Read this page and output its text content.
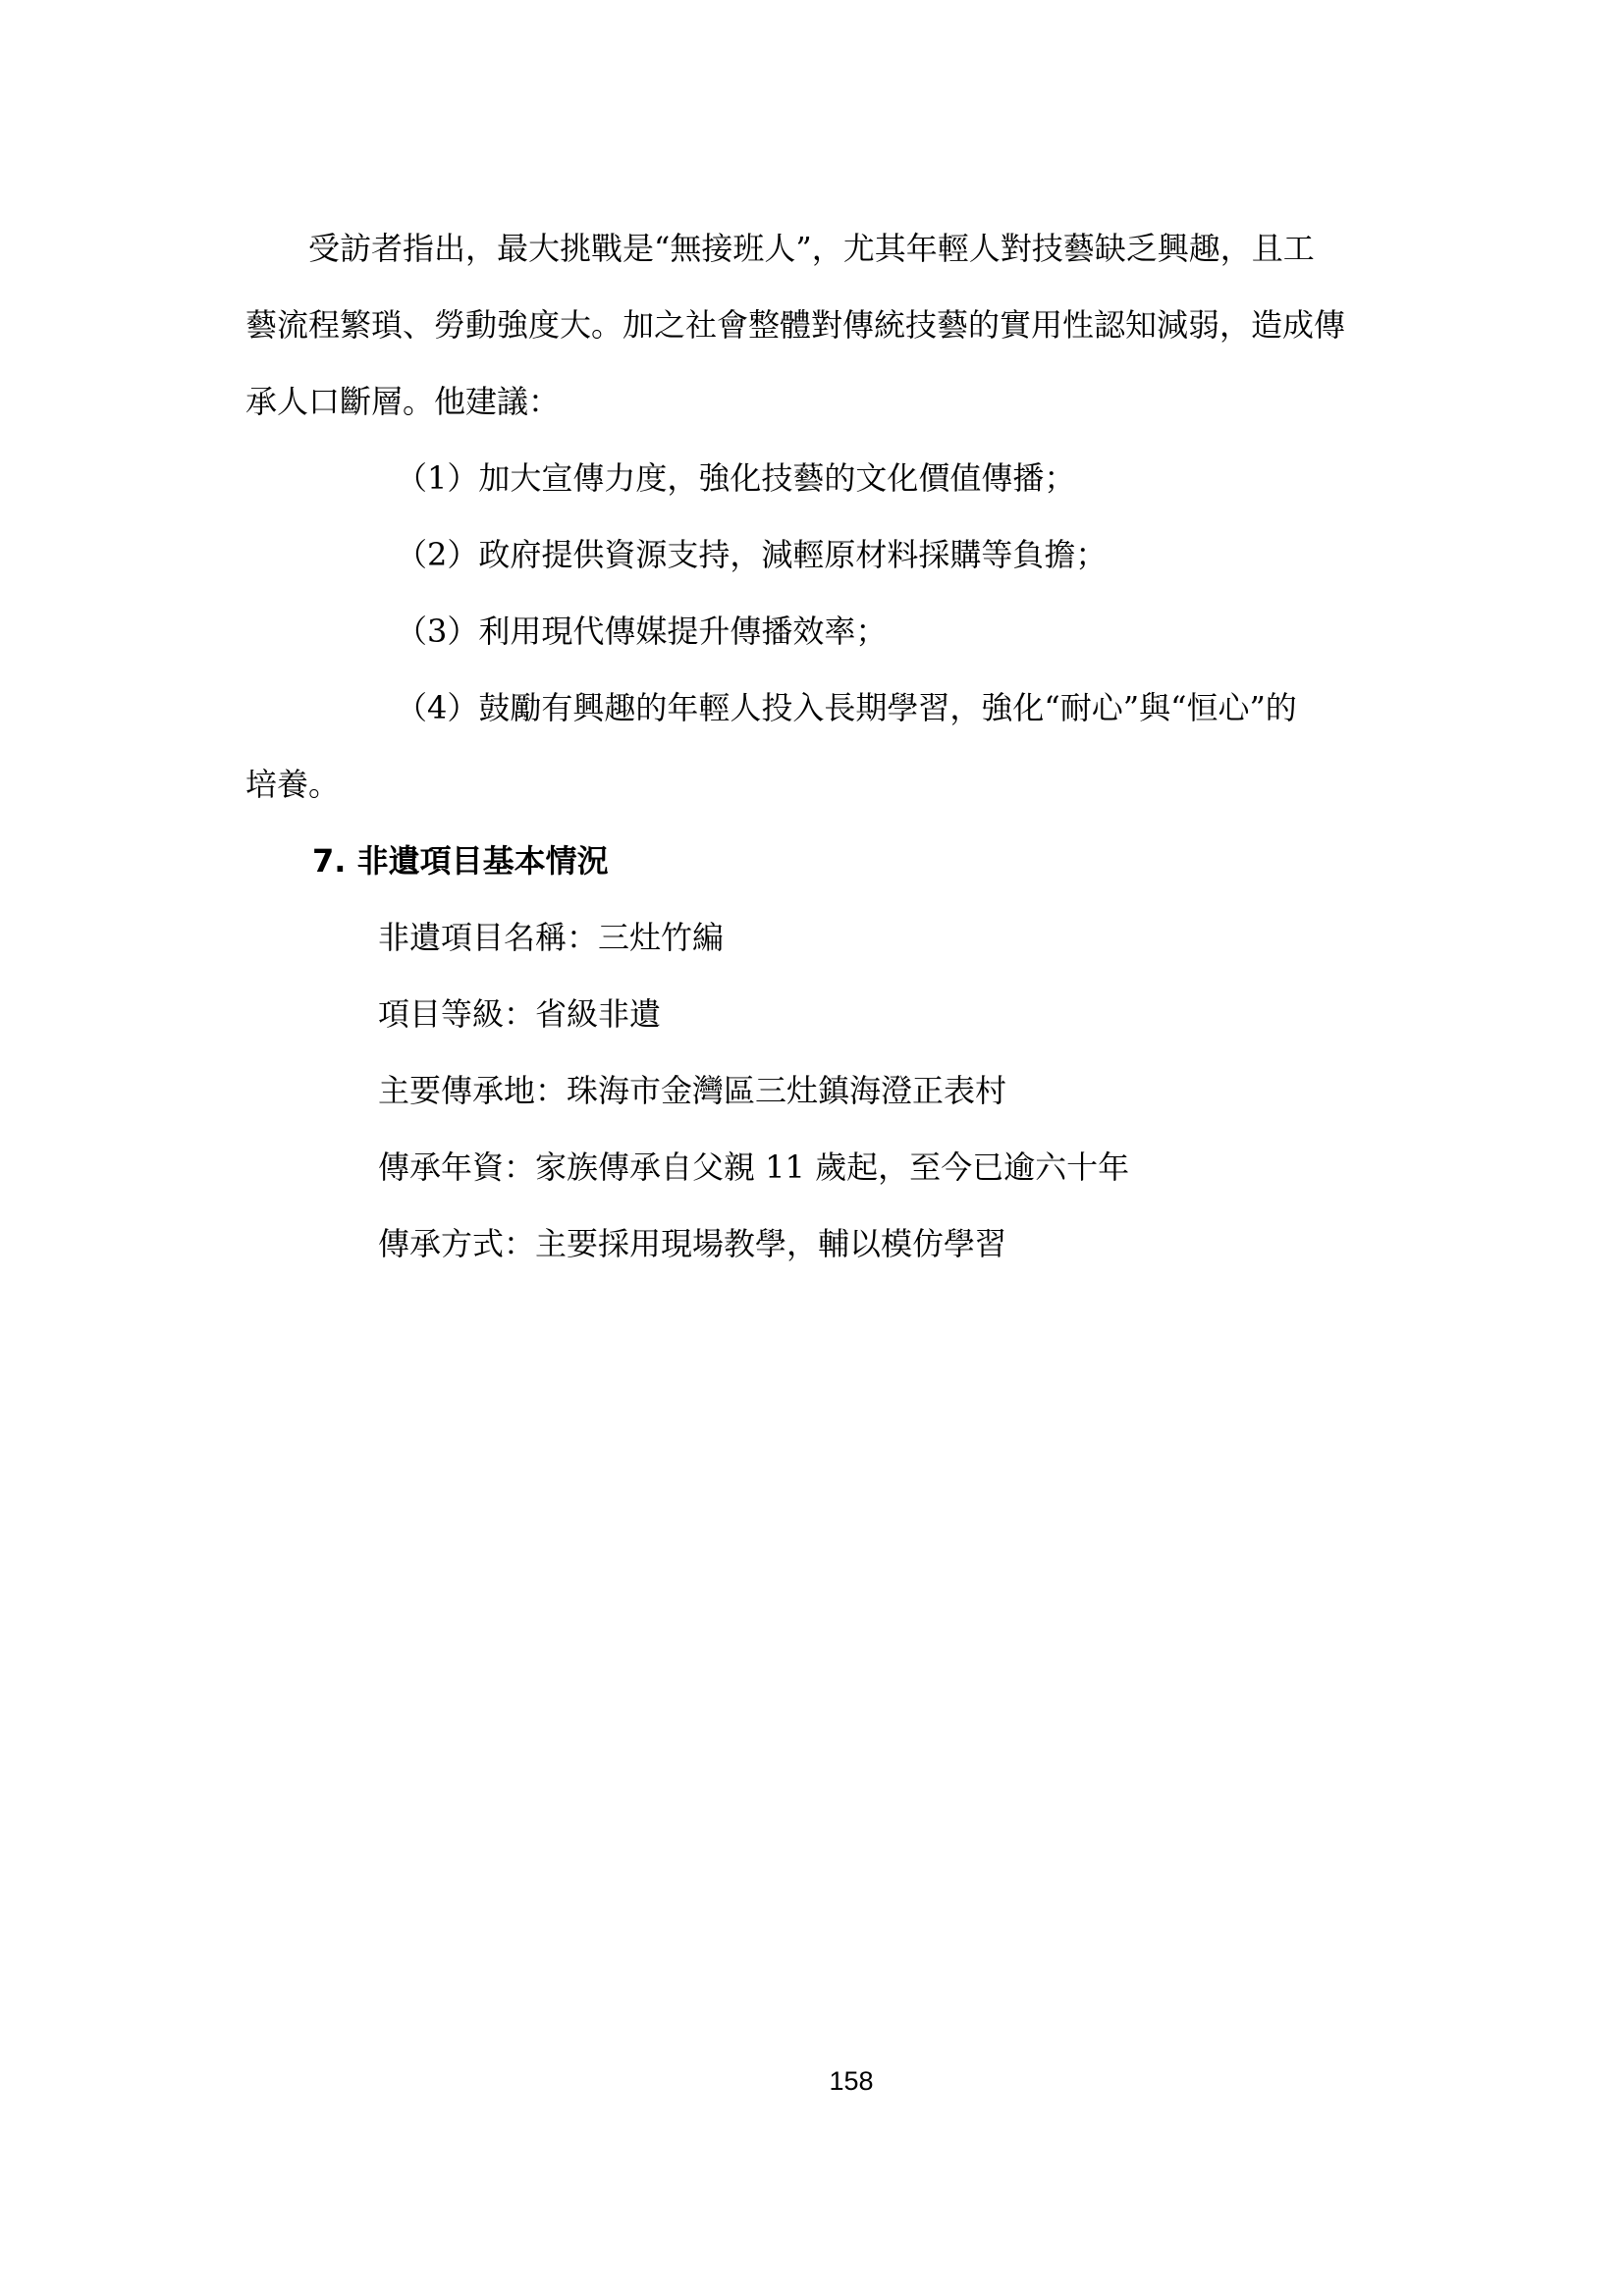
受訪者指出，最大挑戰是“無接班人”，尤其年輕人對技藝缺乏興趣，且工
藝流程繁瑣、勞動強度大。加之社會整體對傳統技藝的實用性認知減弱，造成傳
承人口斷層。他建議：
（1）加大宣傳力度，強化技藝的文化價值傳播；
（2）政府提供資源支持，減輕原材料採購等負擔；
（3）利用現代傳媒提升傳播效率；
（4）鼓勵有興趣的年輕人投入長期學習，強化“耐心”與“恒心”的
培養。
7. 非遺項目基本情況
非遺項目名稱：三灶竹編
項目等級：省級非遺
主要傳承地：珠海市金灣區三灶鎮海澄正表村
傳承年資：家族傳承自父親 11 歲起，至今已逾六十年
傳承方式：主要採用現場教學，輔以模仿學習
158
